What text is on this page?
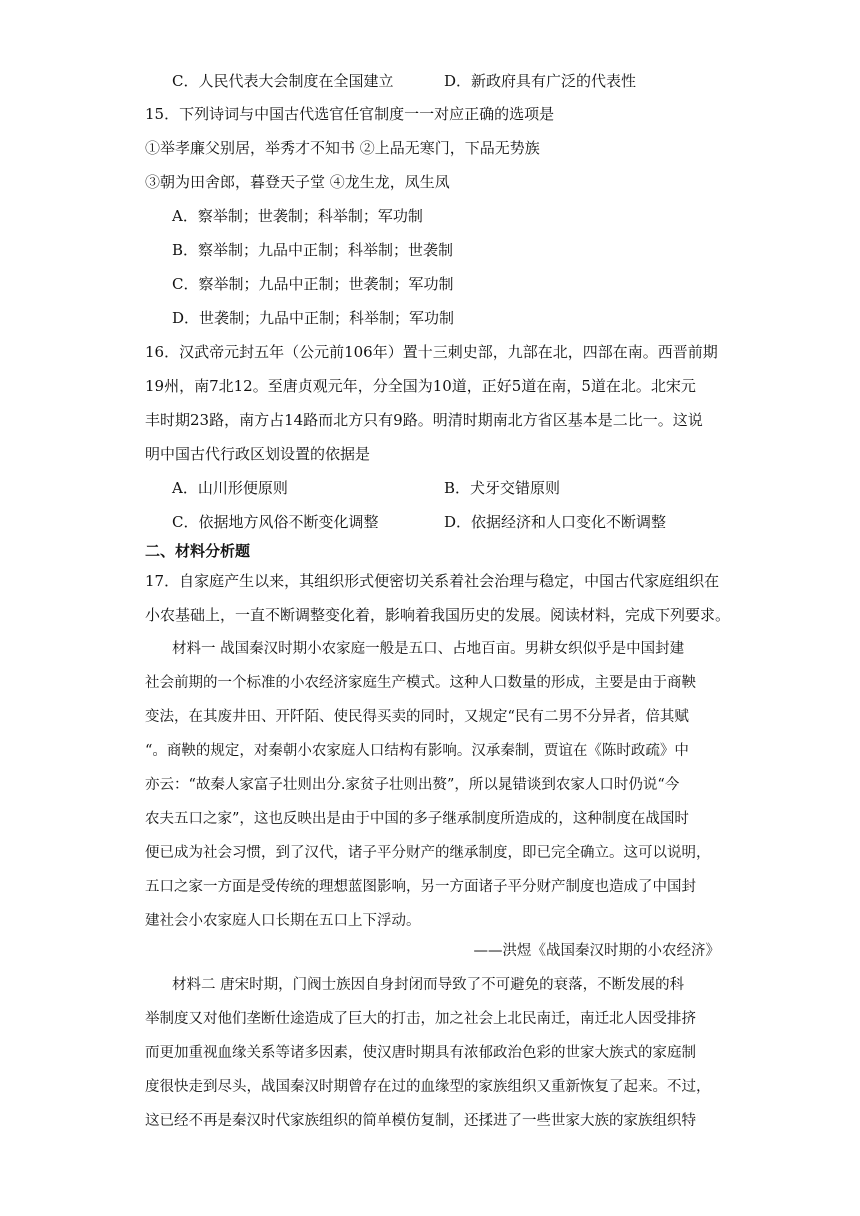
C．人民代表大会制度在全国建立	D．新政府具有广泛的代表性
15．下列诗词与中国古代选官任官制度一一对应正确的选项是
①举孝廉父别居，举秀才不知书 ②上品无寒门，下品无势族
③朝为田舍郎，暮登天子堂 ④龙生龙，凤生凤
A．察举制；世袭制；科举制；军功制
B．察举制；九品中正制；科举制；世袭制
C．察举制；九品中正制；世袭制；军功制
D．世袭制；九品中正制；科举制；军功制
16．汉武帝元封五年（公元前106年）置十三刺史部，九部在北，四部在南。西晋前期
19州，南7北12。至唐贞观元年，分全国为10道，正好5道在南，5道在北。北宋元
丰时期23路，南方占14路而北方只有9路。明清时期南北方省区基本是二比一。这说
明中国古代行政区划设置的依据是
A．山川形便原则	B．犬牙交错原则
C．依据地方风俗不断变化调整	D．依据经济和人口变化不断调整
二、材料分析题
17．自家庭产生以来，其组织形式便密切关系着社会治理与稳定，中国古代家庭组织在
小农基础上，一直不断调整变化着，影响着我国历史的发展。阅读材料，完成下列要求。
材料一 战国秦汉时期小农家庭一般是五口、占地百亩。男耕女织似乎是中国封建
社会前期的一个标准的小农经济家庭生产模式。这种人口数量的形成，主要是由于商鞅
变法，在其废井田、开阡陌、使民得买卖的同时，又规定“民有二男不分异者，倍其赋
“。商鞅的规定，对秦朝小农家庭人口结构有影响。汉承秦制，贾谊在《陈时政疏》中
亦云：“故秦人家富子壮则出分.家贫子壮则出赘”，所以晁错谈到农家人口时仍说“今
农夫五口之家”，这也反映出是由于中国的多子继承制度所造成的，这种制度在战国时
便已成为社会习惯，到了汉代，诸子平分财产的继承制度，即已完全确立。这可以说明，
五口之家一方面是受传统的理想蓝图影响，另一方面诸子平分财产制度也造成了中国封
建社会小农家庭人口长期在五口上下浮动。
——洪煜《战国秦汉时期的小农经济》
材料二 唐宋时期，门阀士族因自身封闭而导致了不可避免的衰落，不断发展的科
举制度又对他们垄断仕途造成了巨大的打击，加之社会上北民南迁，南迁北人因受排挤
而更加重视血缘关系等诸多因素，使汉唐时期具有浓郁政治色彩的世家大族式的家庭制
度很快走到尽头，战国秦汉时期曾存在过的血缘型的家族组织又重新恢复了起来。不过，
这已经不再是秦汉时代家族组织的简单模仿复制，还揉进了一些世家大族的家族组织特
